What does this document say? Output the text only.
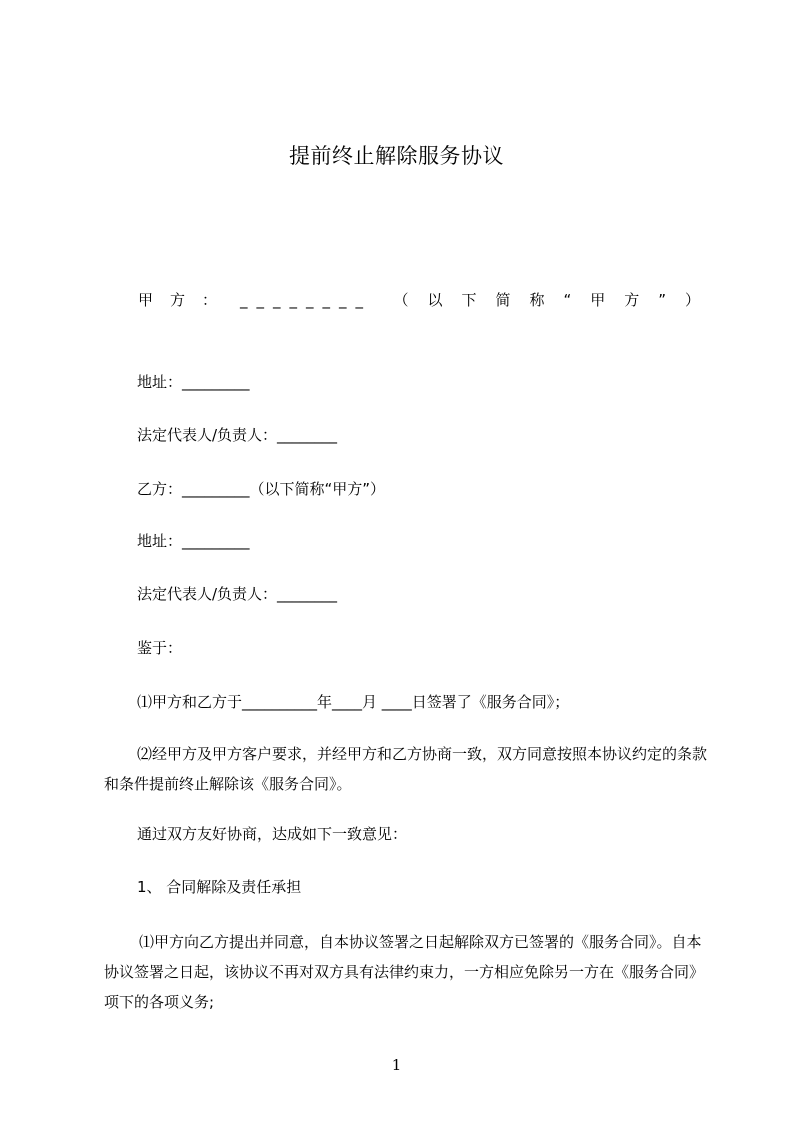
提前终止解除服务协议
甲方： ________ （以下简称“甲方”）
地址：_________
法定代表人/负责人：________
乙方：_________（以下简称“甲方”）
地址：_________
法定代表人/负责人：________
鉴于：
⑴甲方和乙方于__________年____月 ____日签署了《服务合同》；
⑵经甲方及甲方客户要求，并经甲方和乙方协商一致，双方同意按照本协议约定的条款和条件提前终止解除该《服务合同》。
通过双方友好协商，达成如下一致意见：
1、 合同解除及责任承担
⑴甲方向乙方提出并同意，自本协议签署之日起解除双方已签署的《服务合同》。自本协议签署之日起，该协议不再对双方具有法律约束力，一方相应免除另一方在《服务合同》项下的各项义务;
1
